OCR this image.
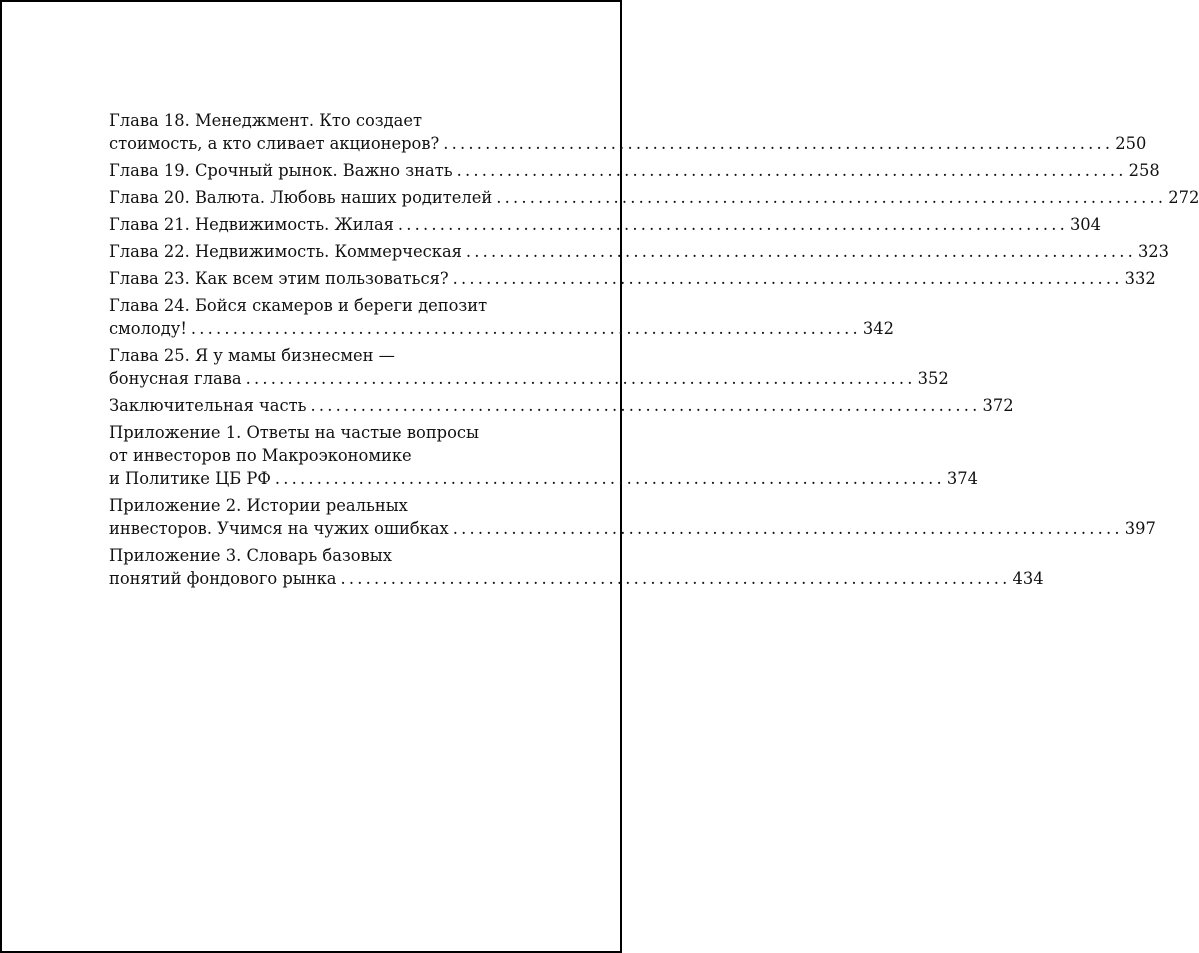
Глава 18. Менеджмент. Кто создает
стоимость, а кто сливает акционеров? ................................................................................ 250
Глава 19. Срочный рынок. Важно знать ................................................................................ 258
Глава 20. Валюта. Любовь наших родителей ................................................................................ 272
Глава 21. Недвижимость. Жилая ................................................................................ 304
Глава 22. Недвижимость. Коммерческая ................................................................................ 323
Глава 23. Как всем этим пользоваться? ................................................................................ 332
Глава 24. Бойся скамеров и береги депозит
смолоду! ................................................................................ 342
Глава 25. Я у мамы бизнесмен —
бонусная глава ................................................................................ 352
Заключительная часть ................................................................................ 372
Приложение 1. Ответы на частые вопросы
от инвесторов по Макроэкономике
и Политике ЦБ РФ ................................................................................ 374
Приложение 2. Истории реальных
инвесторов. Учимся на чужих ошибках ................................................................................ 397
Приложение 3. Словарь базовых
понятий фондового рынка ................................................................................ 434
